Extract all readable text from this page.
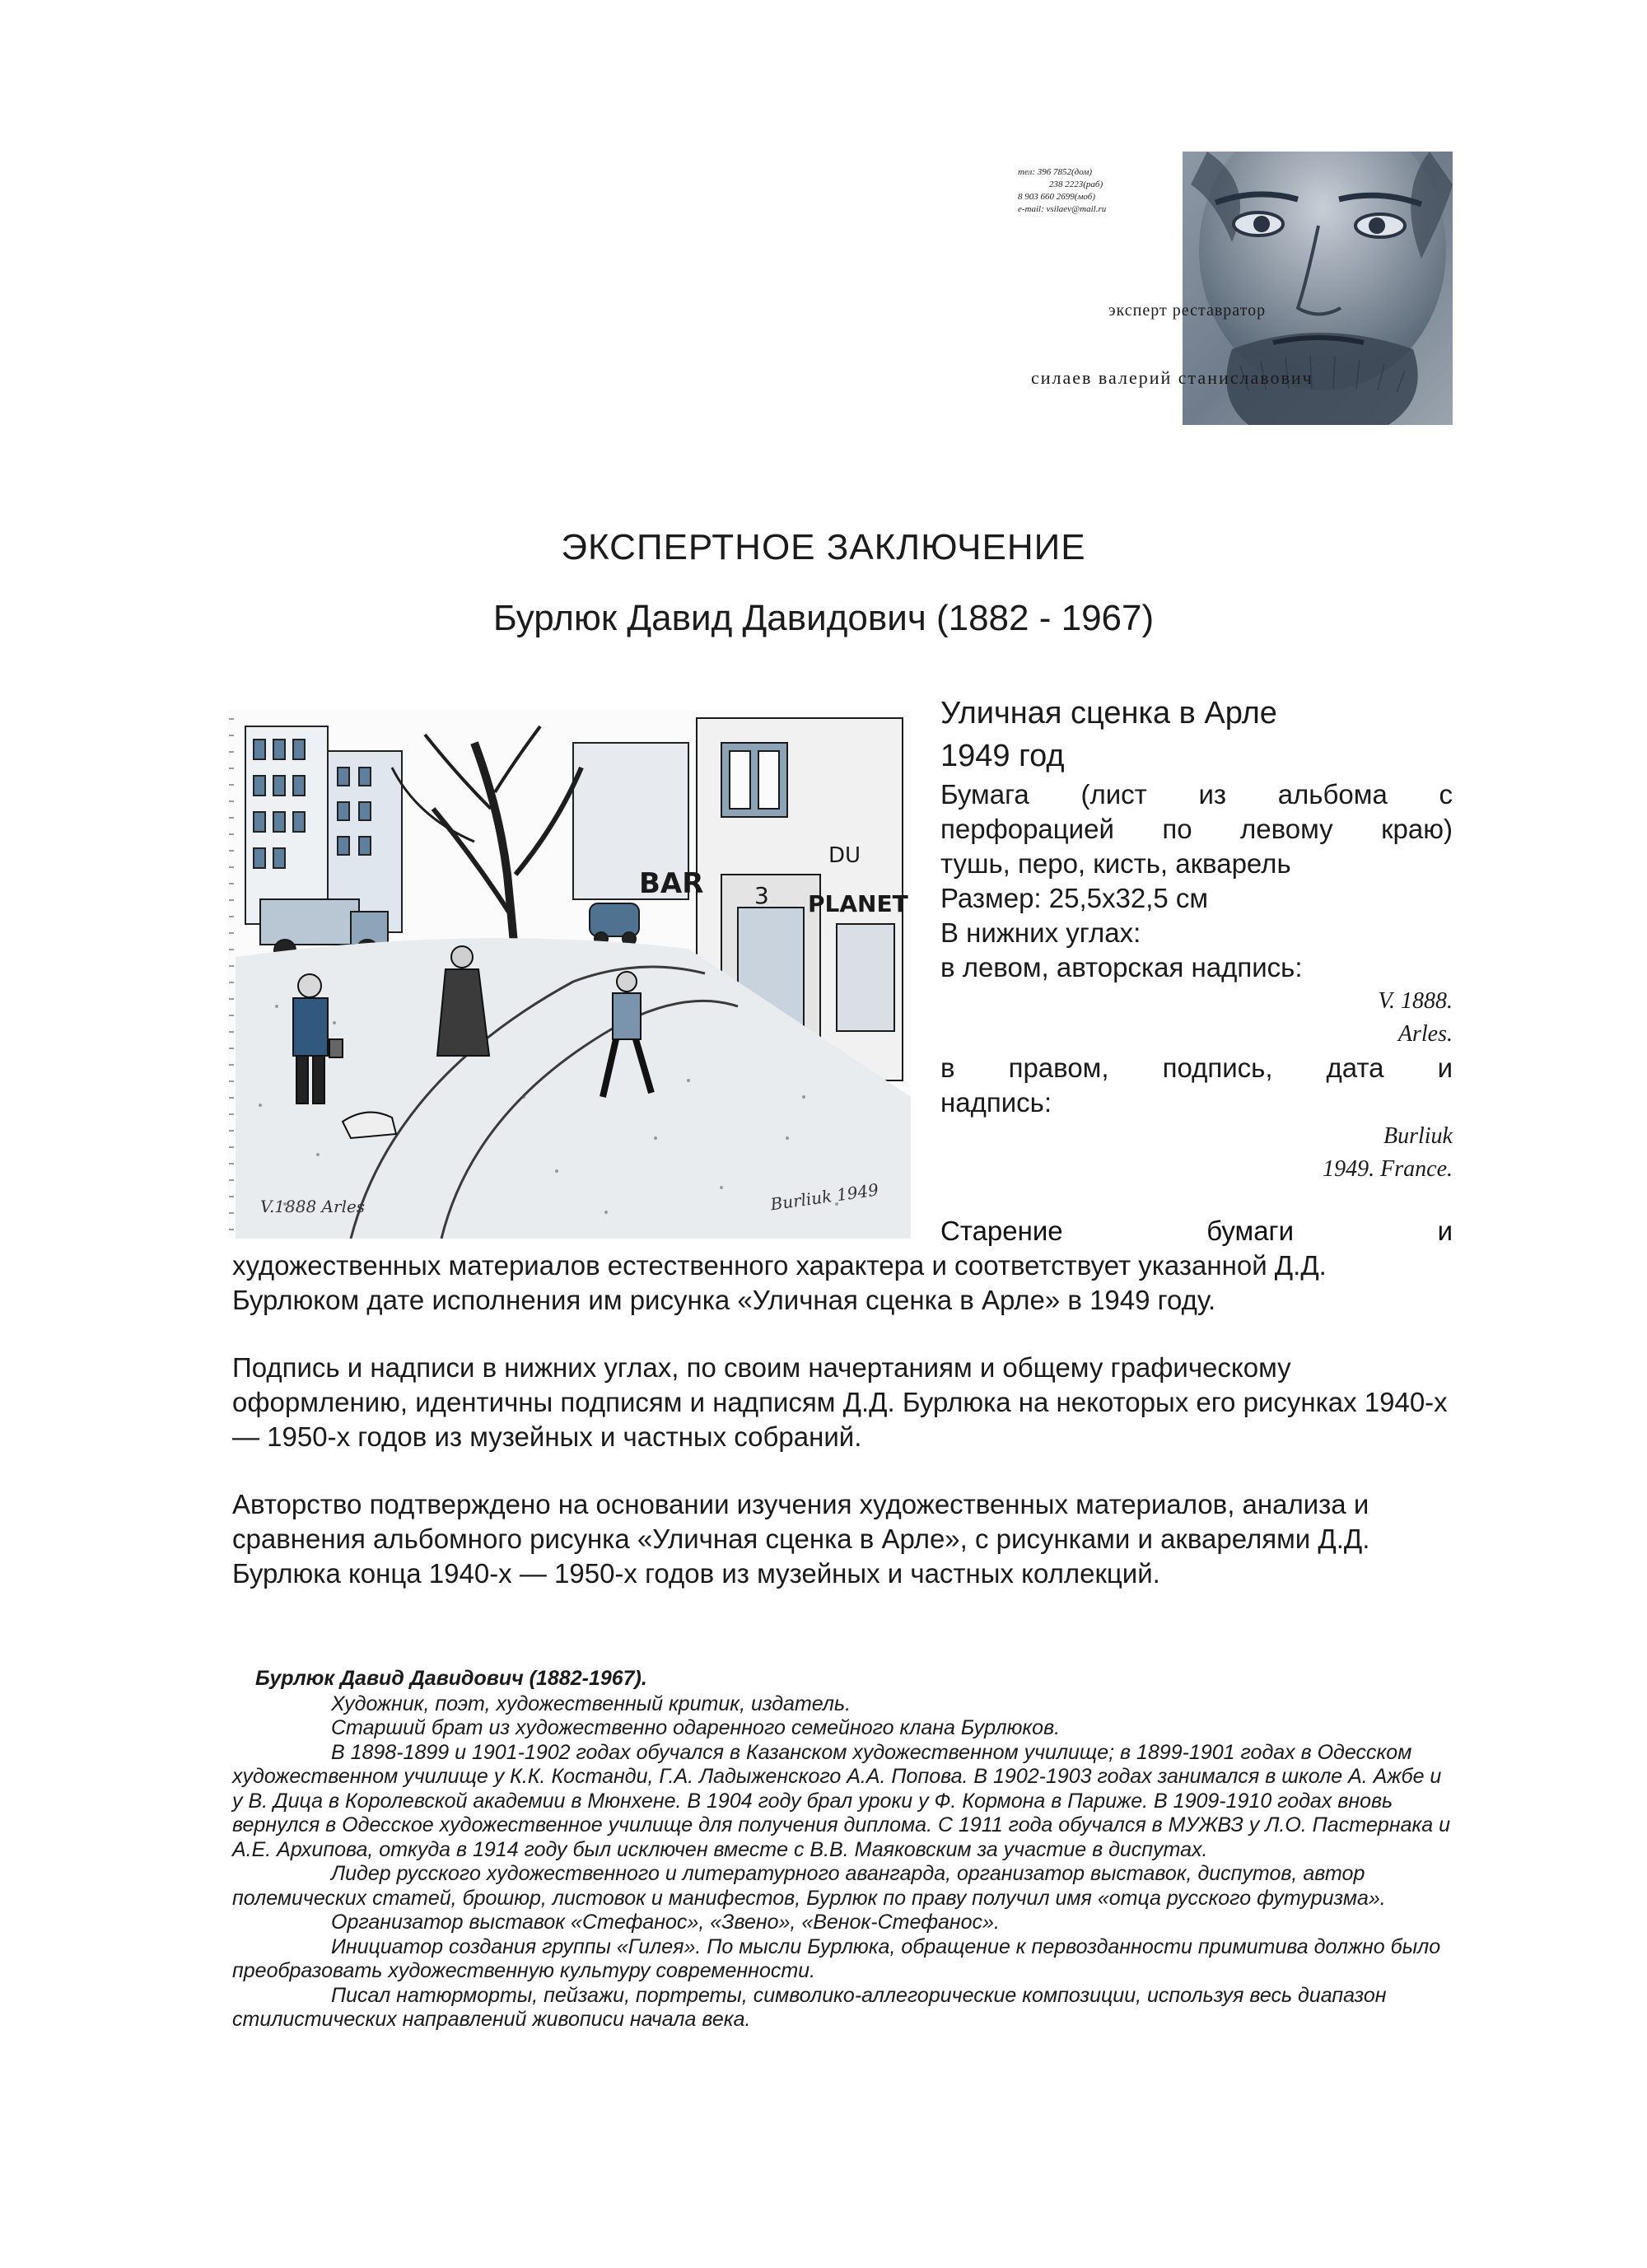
тел: 396 7852(дом)
238 2223(раб)
8 903 660 2699(моб)
e-mail: vsilaev@mail.ru
эксперт реставратор
силаев валерий станиславович
ЭКСПЕРТНОЕ ЗАКЛЮЧЕНИЕ
Бурлюк Давид Давидович (1882 - 1967)
BAR
DU
PLANET
3
V.1888 Arles	Burliuk 1949
Уличная сценка в Арле
1949 год
Бумага (лист из альбома с
перфорацией по левому краю)
тушь, перо, кисть, акварель
Размер: 25,5х32,5 см
В нижних углах:
в левом, авторская надпись:
V. 1888.
Arles.
в правом, подпись, дата и
надпись:
Burliuk
1949. France.
Старение бумаги и
художественных материалов естественного характера и соответствует указанной Д.Д. Бурлюком дате исполнения им рисунка «Уличная сценка в Арле» в 1949 году.
Подпись и надписи в нижних углах, по своим начертаниям и общему графическому оформлению, идентичны подписям и надписям Д.Д. Бурлюка на некоторых его рисунках 1940-х — 1950-х годов из музейных и частных собраний.
Авторство подтверждено на основании изучения художественных материалов, анализа и сравнения альбомного рисунка «Уличная сценка в Арле», с рисунками и акварелями Д.Д. Бурлюка конца 1940-х — 1950-х годов из музейных и частных коллекций.
Бурлюк Давид Давидович (1882-1967).
Художник, поэт, художественный критик, издатель.
Старший брат из художественно одаренного семейного клана Бурлюков.
В 1898-1899 и 1901-1902 годах обучался в Казанском художественном училище; в 1899-1901 годах в Одесском художественном училище у К.К. Костанди, Г.А. Ладыженского А.А. Попова. В 1902-1903 годах занимался в школе А. Ажбе и у В. Дица в Королевской академии в Мюнхене. В 1904 году брал уроки у Ф. Кормона в Париже. В 1909-1910 годах вновь вернулся в Одесское художественное училище для получения диплома. С 1911 года обучался в МУЖВЗ у Л.О. Пастернака и А.Е. Архипова, откуда в 1914 году был исключен вместе с В.В. Маяковским за участие в диспутах.
Лидер русского художественного и литературного авангарда, организатор выставок, диспутов, автор полемических статей, брошюр, листовок и манифестов, Бурлюк по праву получил имя «отца русского футуризма».
Организатор выставок «Стефанос», «Звено», «Венок-Стефанос».
Инициатор создания группы «Гилея». По мысли Бурлюка, обращение к первозданности примитива должно было преобразовать художественную культуру современности.
Писал натюрморты, пейзажи, портреты, символико-аллегорические композиции, используя весь диапазон стилистических направлений живописи начала века.
